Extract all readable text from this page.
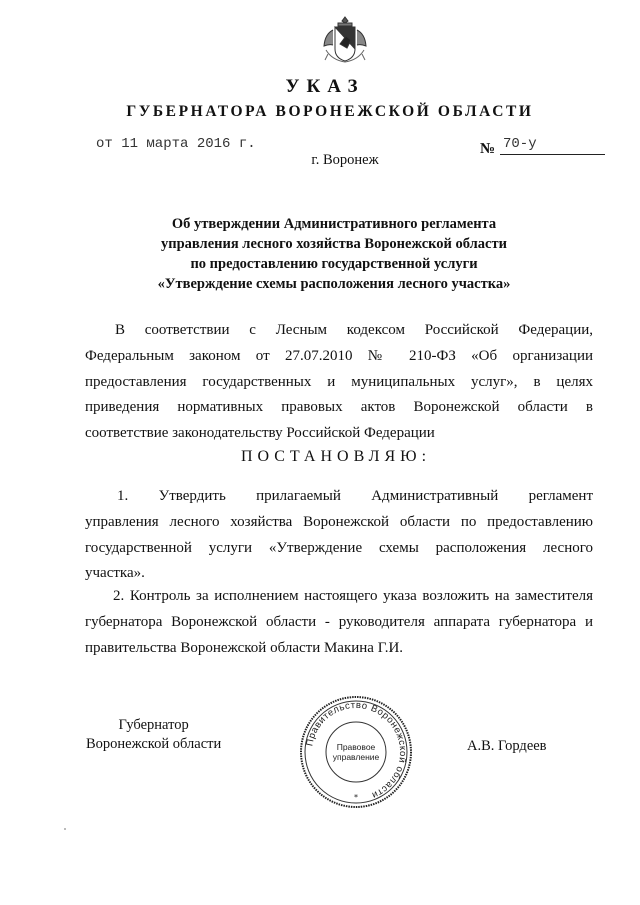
УКАЗ
ГУБЕРНАТОРА ВОРОНЕЖСКОЙ ОБЛАСТИ
от 11 марта 2016 г.	№ 70-у
г. Воронеж
Об утверждении Административного регламента
управления лесного хозяйства Воронежской области
по предоставлению государственной услуги
«Утверждение схемы расположения лесного участка»
В соответствии с Лесным кодексом Российской Федерации,
Федеральным законом от 27.07.2010 № 210-ФЗ «Об организации
предоставления государственных и муниципальных услуг», в целях
приведения нормативных правовых актов Воронежской области в
соответствие законодательству Российской Федерации
ПОСТАНОВЛЯЮ:
1. Утвердить прилагаемый Административный регламент
управления лесного хозяйства Воронежской области по предоставлению
государственной услуги «Утверждение схемы расположения лесного
участка».
2. Контроль за исполнением настоящего указа возложить на заместителя
губернатора Воронежской области - руководителя аппарата губернатора и
правительства Воронежской области Макина Г.И.
Губернатор
Воронежской области	Правительство Воронежской области
Правовое
управление
*
А.В. Гордеев
